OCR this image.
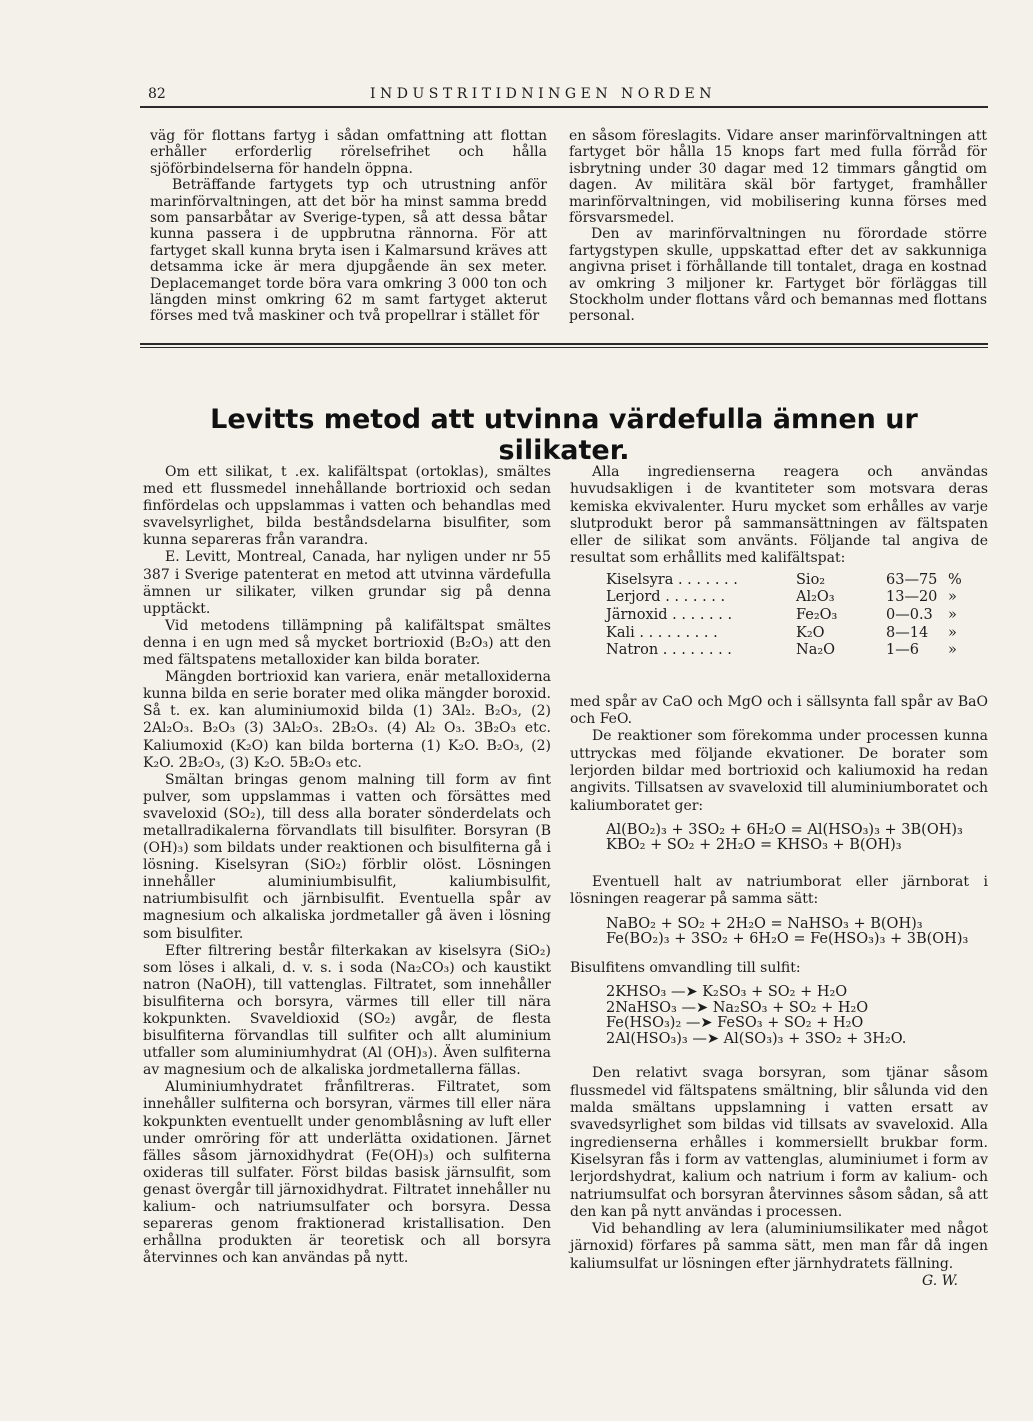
82	INDUSTRITIDNINGEN NORDEN

väg för flottans fartyg i sådan omfattning att flottan erhåller erforderlig rörelsefrihet och hålla sjöförbindelserna för handeln öppna.

Beträffande fartygets typ och utrustning anför marinförvaltningen, att det bör ha minst samma bredd som pansarbåtar av Sverige-typen, så att dessa båtar kunna passera i de uppbrutna rännorna. För att fartyget skall kunna bryta isen i Kalmarsund kräves att detsamma icke är mera djupgående än sex meter. Deplacemanget torde böra vara omkring 3 000 ton och längden minst omkring 62 m samt fartyget akterut förses med två maskiner och två propellrar i stället för

en såsom föreslagits. Vidare anser marinförvaltningen att fartyget bör hålla 15 knops fart med fulla förråd för isbrytning under 30 dagar med 12 timmars gångtid om dagen. Av militära skäl bör fartyget, framhåller marinförvaltningen, vid mobilisering kunna förses med försvarsmedel.

Den av marinförvaltningen nu förordade större fartygstypen skulle, uppskattad efter det av sakkunniga angivna priset i förhållande till tontalet, draga en kostnad av omkring 3 miljoner kr. Fartyget bör förläggas till Stockholm under flottans vård och bemannas med flottans personal.

Levitts metod att utvinna värdefulla ämnen ur silikater.

Om ett silikat, t .ex. kalifältspat (ortoklas), smältes med ett flussmedel innehållande bortrioxid och sedan finfördelas och uppslammas i vatten och behandlas med svavelsyrlighet, bilda beståndsdelarna bisulfiter, som kunna separeras från varandra.

E. Levitt, Montreal, Canada, har nyligen under nr 55 387 i Sverige patenterat en metod att utvinna värdefulla ämnen ur silikater, vilken grundar sig på denna upptäckt.

Vid metodens tillämpning på kalifältspat smältes denna i en ugn med så mycket bortrioxid (B₂O₃) att den med fältspatens metalloxider kan bilda borater.

Mängden bortrioxid kan variera, enär metalloxiderna kunna bilda en serie borater med olika mängder boroxid. Så t. ex. kan aluminiumoxid bilda (1) 3Al₂. B₂O₃, (2) 2Al₂O₃. B₂O₃ (3) 3Al₂O₃. 2B₂O₃. (4) Al₂ O₃. 3B₂O₃ etc. Kaliumoxid (K₂O) kan bilda borterna (1) K₂O. B₂O₃, (2) K₂O. 2B₂O₃, (3) K₂O. 5B₂O₃ etc.

Smältan bringas genom malning till form av fint pulver, som uppslammas i vatten och försättes med svaveloxid (SO₂), till dess alla borater sönderdelats och metallradikalerna förvandlats till bisulfiter. Borsyran (B (OH)₃) som bildats under reaktionen och bisulfiterna gå i lösning. Kiselsyran (SiO₂) förblir olöst. Lösningen innehåller aluminiumbisulfit, kaliumbisulfit, natriumbisulfit och järnbisulfit. Eventuella spår av magnesium och alkaliska jordmetaller gå även i lösning som bisulfiter.

Efter filtrering består filterkakan av kiselsyra (SiO₂) som löses i alkali, d. v. s. i soda (Na₂CO₃) och kaustikt natron (NaOH), till vattenglas. Filtratet, som innehåller bisulfiterna och borsyra, värmes till eller till nära kokpunkten. Svaveldioxid (SO₂) avgår, de flesta bisulfiterna förvandlas till sulfiter och allt aluminium utfaller som aluminiumhydrat (Al (OH)₃). Även sulfiterna av magnesium och de alkaliska jordmetallerna fällas.

Aluminiumhydratet frånfiltreras. Filtratet, som innehåller sulfiterna och borsyran, värmes till eller nära kokpunkten eventuellt under genomblåsning av luft eller under omröring för att underlätta oxidationen. Järnet fälles såsom järnoxidhydrat (Fe(OH)₃) och sulfiterna oxideras till sulfater. Först bildas basisk järnsulfit, som genast övergår till järnoxidhydrat. Filtratet innehåller nu kalium- och natriumsulfater och borsyra. Dessa separeras genom fraktionerad kristallisation. Den erhållna produkten är teoretisk och all borsyra återvinnes och kan användas på nytt.

Alla ingredienserna reagera och användas huvudsakligen i de kvantiteter som motsvara deras kemiska ekvivalenter. Huru mycket som erhålles av varje slutprodukt beror på sammansättningen av fältspaten eller de silikat som använts. Följande tal angiva de resultat som erhållits med kalifältspat:

Kiselsyra . . . . . . .	Sio₂	63—75	%
Lerjord . . . . . . .	Al₂O₃	13—20	»
Järnoxid . . . . . . .	Fe₂O₃	0—0.3	»
Kali . . . . . . . . .	K₂O	8—14	»
Natron . . . . . . . .	Na₂O	1—6	»

med spår av CaO och MgO och i sällsynta fall spår av BaO och FeO.

De reaktioner som förekomma under processen kunna uttryckas med följande ekvationer. De borater som lerjorden bildar med bortrioxid och kaliumoxid ha redan angivits. Tillsatsen av svaveloxid till aluminiumboratet och kaliumboratet ger:

Al(BO₂)₃ + 3SO₂ + 6H₂O = Al(HSO₃)₃ + 3B(OH)₃
KBO₂ + SO₂ + 2H₂O = KHSO₃ + B(OH)₃

Eventuell halt av natriumborat eller järnborat i lösningen reagerar på samma sätt:

NaBO₂ + SO₂ + 2H₂O = NaHSO₃ + B(OH)₃
Fe(BO₂)₃ + 3SO₂ + 6H₂O = Fe(HSO₃)₃ + 3B(OH)₃

Bisulfitens omvandling till sulfit:

2KHSO₃ —➤ K₂SO₃ + SO₂ + H₂O
2NaHSO₃ —➤ Na₂SO₃ + SO₂ + H₂O
Fe(HSO₃)₂ —➤ FeSO₃ + SO₂ + H₂O
2Al(HSO₃)₃ —➤ Al(SO₃)₃ + 3SO₂ + 3H₂O.

Den relativt svaga borsyran, som tjänar såsom flussmedel vid fältspatens smältning, blir sålunda vid den malda smältans uppslamning i vatten ersatt av svavedsyrlighet som bildas vid tillsats av svaveloxid. Alla ingredienserna erhålles i kommersiellt brukbar form. Kiselsyran fås i form av vattenglas, aluminiumet i form av lerjordshydrat, kalium och natrium i form av kalium- och natriumsulfat och borsyran återvinnes såsom sådan, så att den kan på nytt användas i processen.

Vid behandling av lera (aluminiumsilikater med något järnoxid) förfares på samma sätt, men man får då ingen kaliumsulfat ur lösningen efter järnhydratets fällning.

G. W.
